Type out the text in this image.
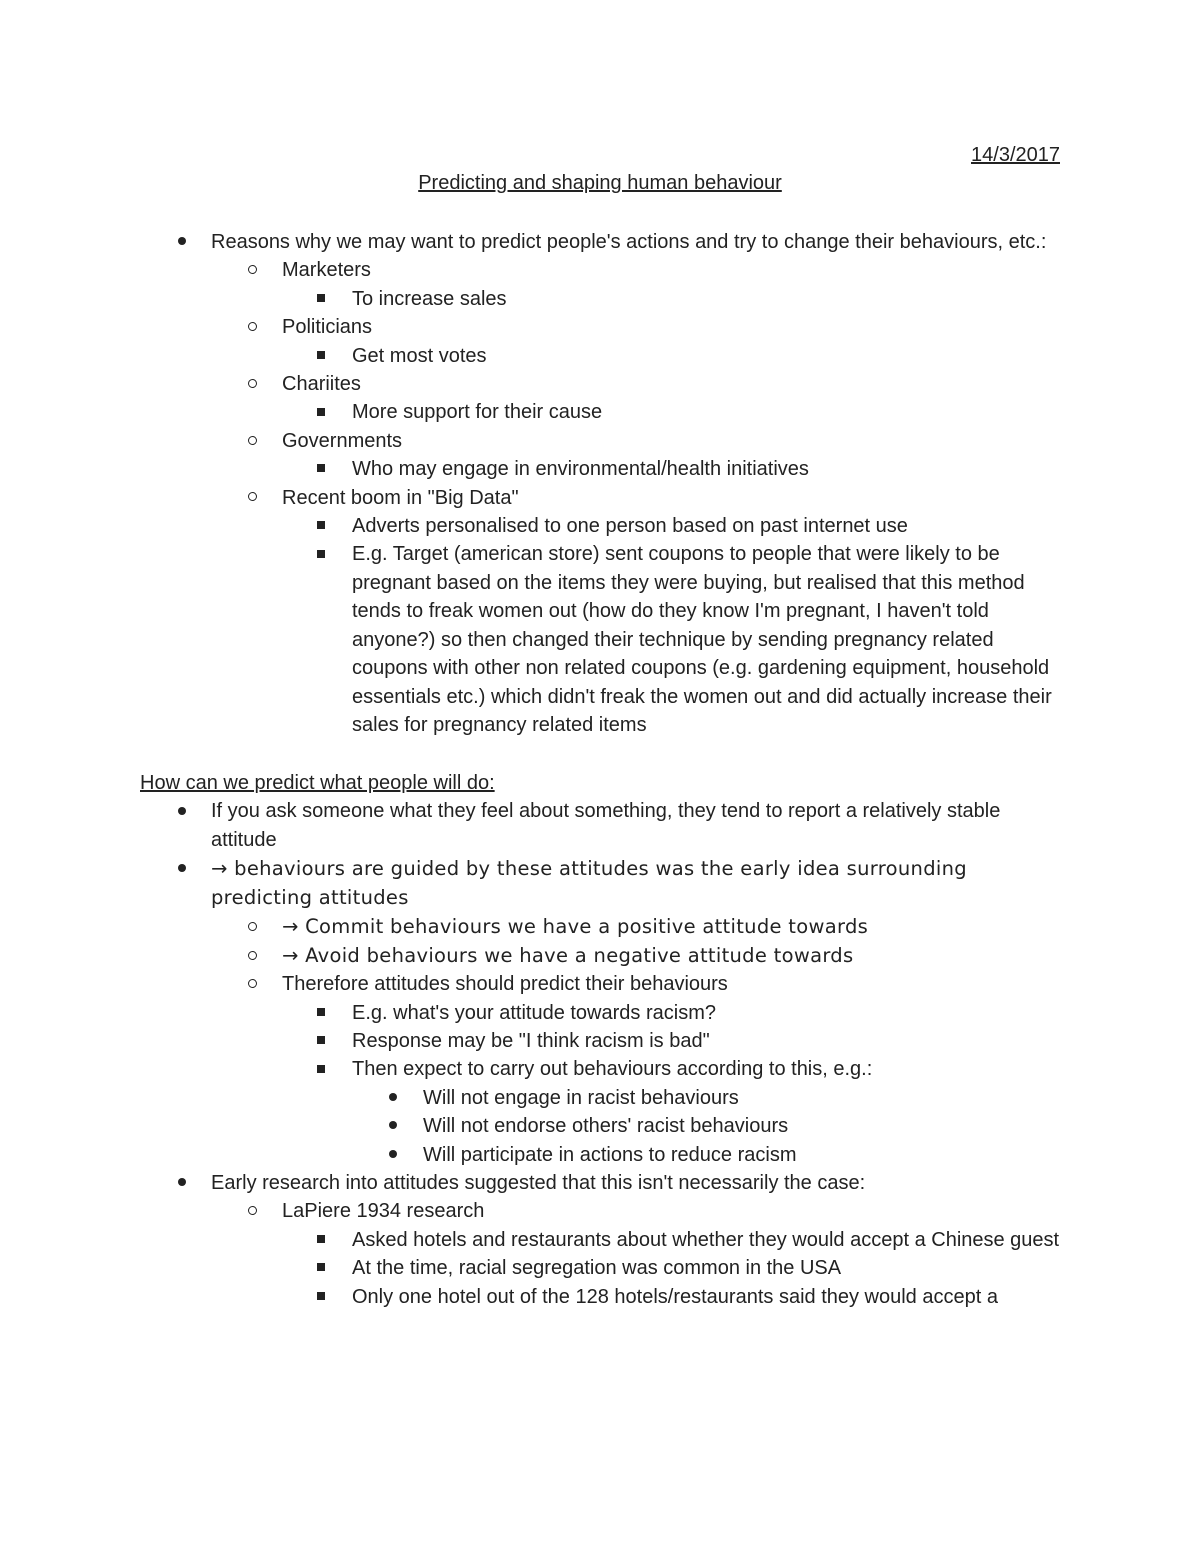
14/3/2017
Predicting and shaping human behaviour
Reasons why we may want to predict people's actions and try to change their behaviours, etc.:
Marketers
To increase sales
Politicians
Get most votes
Chariites
More support for their cause
Governments
Who may engage in environmental/health initiatives
Recent boom in "Big Data"
Adverts personalised to one person based on past internet use
E.g. Target (american store) sent coupons to people that were likely to be pregnant based on the items they were buying, but realised that this method tends to freak women out (how do they know I'm pregnant, I haven't told anyone?) so then changed their technique by sending pregnancy related coupons with other non related coupons (e.g. gardening equipment, household essentials etc.) which didn't freak the women out and did actually increase their sales for pregnancy related items
How can we predict what people will do:
If you ask someone what they feel about something, they tend to report a relatively stable attitude
→ behaviours are guided by these attitudes was the early idea surrounding predicting attitudes
→ Commit behaviours we have a positive attitude towards
→ Avoid behaviours we have a negative attitude towards
Therefore attitudes should predict their behaviours
E.g. what's your attitude towards racism?
Response may be "I think racism is bad"
Then expect to carry out behaviours according to this, e.g.:
Will not engage in racist behaviours
Will not endorse others' racist behaviours
Will participate in actions to reduce racism
Early research into attitudes suggested that this isn't necessarily the case:
LaPiere 1934 research
Asked hotels and restaurants about whether they would accept a Chinese guest
At the time, racial segregation was common in the USA
Only one hotel out of the 128 hotels/restaurants said they would accept a
